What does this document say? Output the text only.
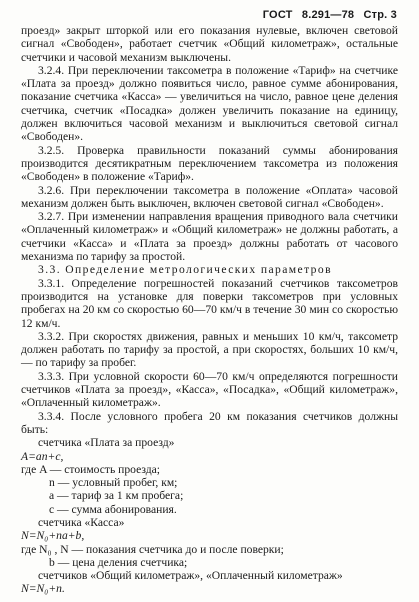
ГОСТ 8.291—78 Стр. 3

проезд» закрыт шторкой или его показания нулевые, включен световой сигнал «Свободен», работает счетчик «Общий километраж», остальные счетчики и часовой механизм выключены.

3.2.4. При переключении таксометра в положение «Тариф» на счетчике «Плата за проезд» должно появиться число, равное сумме абонирования, показание счетчика «Касса» — увеличиться на число, равное цене деления счетчика, счетчик «Посадка» должен увеличить показание на единицу, должен включиться часовой механизм и выключиться световой сигнал «Свободен».

3.2.5. Проверка правильности показаний суммы абонирования производится десятикратным переключением таксометра из положения «Свободен» в положение «Тариф».

3.2.6. При переключении таксометра в положение «Оплата» часовой механизм должен быть выключен, включен световой сигнал «Свободен».

3.2.7. При изменении направления вращения приводного вала счетчики «Оплаченный километраж» и «Общий километраж» не должны работать, а счетчики «Касса» и «Плата за проезд» должны работать от часового механизма по тарифу за простой.

3.3. Определение метрологических параметров

3.3.1. Определение погрешностей показаний счетчиков таксометров производится на установке для поверки таксометров при условных пробегах на 20 км со скоростью 60—70 км/ч в течение 30 мин со скоростью 12 км/ч.

3.3.2. При скоростях движения, равных и меньших 10 км/ч, таксометр должен работать по тарифу за простой, а при скоростях, больших 10 км/ч, — по тарифу за пробег.

3.3.3. При условной скорости 60—70 км/ч определяются погрешности счетчиков «Плата за проезд», «Касса», «Посадка», «Общий километраж», «Оплаченный километраж».

3.3.4. После условного пробега 20 км показания счетчиков должны быть:

счетчика «Плата за проезд»

A=an+c,

где A — стоимость проезда;

n — условный пробег, км;

a — тариф за 1 км пробега;

c — сумма абонирования.

счетчика «Касса»

N=N₀+na+b,

где N₀ , N — показания счетчика до и после поверки;

b — цена деления счетчика;

счетчиков «Общий километраж», «Оплаченный километраж»

N=N₀+n.
